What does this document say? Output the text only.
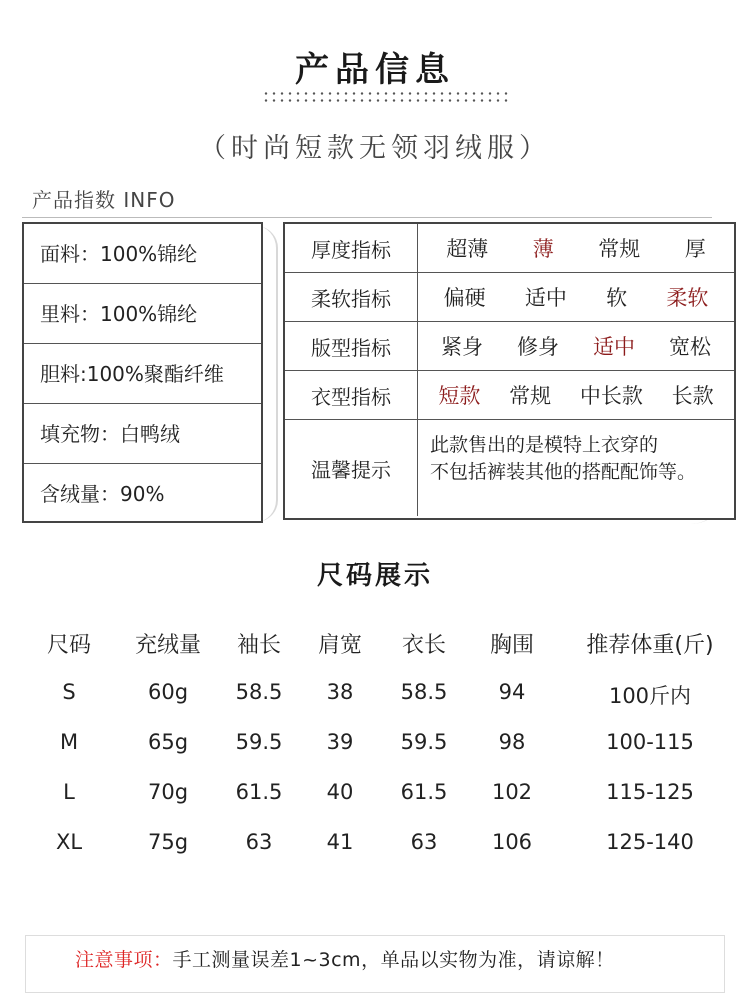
产品信息
（时尚短款无领羽绒服）
产品指数 INFO
面料：100%锦纶
里料：100%锦纶
胆料:100%聚酯纤维
填充物：白鸭绒
含绒量：90%
厚度指标	超薄 薄 常规 厚
柔软指标	偏硬 适中 软 柔软
版型指标	紧身 修身 适中 宽松
衣型指标	短款 常规 中长款 长款
温馨提示
此款售出的是模特上衣穿的
不包括裤装其他的搭配配饰等。
尺码展示
尺码 充绒量 袖长 肩宽 衣长 胸围 推荐体重(斤)
S	60g 58.5 38 58.5 94	100斤内
M	65g 59.5 39 59.5 98	100-115
L	70g 61.5 40 61.5 102	115-125
XL	75g	63	41	63	106	125-140
注意事项：手工测量误差1~3cm，单品以实物为准，请谅解！
